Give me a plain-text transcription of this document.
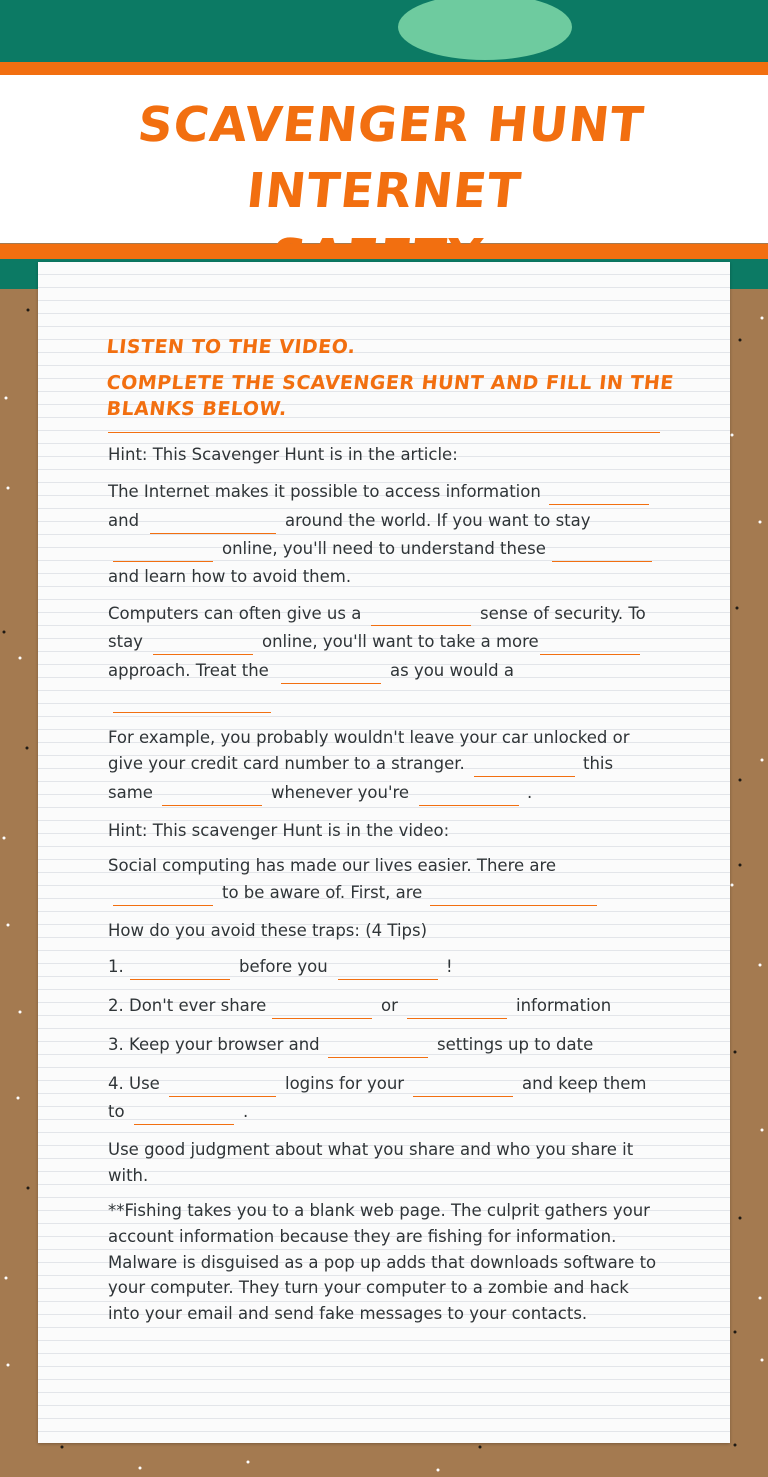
SCAVENGER HUNT INTERNET
LISTEN TO THE VIDEO.
COMPLETE THE SCAVENGER HUNT AND FILL IN THE
BLANKS BELOW.
Hint: This Scavenger Hunt is in the article:
The Internet makes it possible to access information
and	around the world. If you want to stay
online, you'll need to understand these
and learn how to avoid them.
Computers can often give us a	sense of security. To
stay	online, you'll want to take a more
approach. Treat the	as you would a
For example, you probably wouldn't leave your car unlocked or
give your credit card number to a stranger.	this
same	whenever you're	.
Hint: This scavenger Hunt is in the video:
Social computing has made our lives easier. There are
to be aware of. First, are
How do you avoid these traps: (4 Tips)
1.	before you	!
2. Don't ever share	or	information
3. Keep your browser and	settings up to date
4. Use	logins for your	and keep them
to	.
Use good judgment about what you share and who you share it
with.
**Fishing takes you to a blank web page. The culprit gathers your
account information because they are fishing for information.
Malware is disguised as a pop up adds that downloads software to
your computer. They turn your computer to a zombie and hack
into your email and send fake messages to your contacts.
